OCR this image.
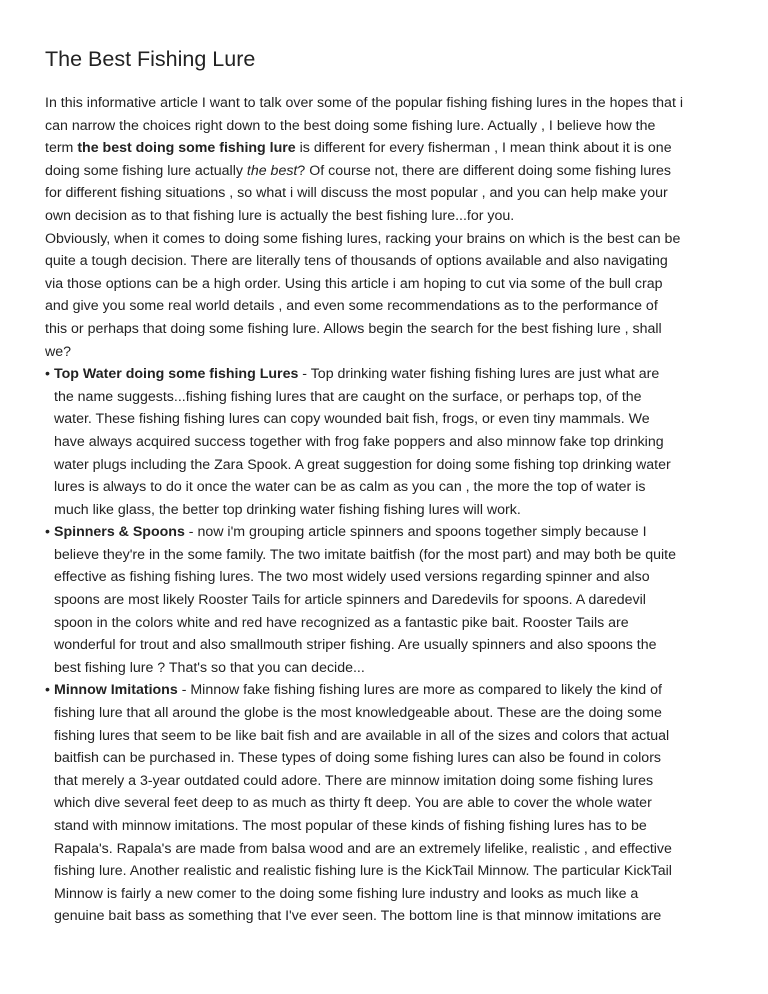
The Best Fishing Lure
In this informative article I want to talk over some of the popular fishing fishing lures in the hopes that i
can narrow the choices right down to the best doing some fishing lure. Actually , I believe how the
term the best doing some fishing lure is different for every fisherman , I mean think about it is one
doing some fishing lure actually the best? Of course not, there are different doing some fishing lures
for different fishing situations , so what i will discuss the most popular , and you can help make your
own decision as to that fishing lure is actually the best fishing lure...for you.
Obviously, when it comes to doing some fishing lures, racking your brains on which is the best can be
quite a tough decision. There are literally tens of thousands of options available and also navigating
via those options can be a high order. Using this article i am hoping to cut via some of the bull crap
and give you some real world details , and even some recommendations as to the performance of
this or perhaps that doing some fishing lure. Allows begin the search for the best fishing lure , shall
we?
• Top Water doing some fishing Lures - Top drinking water fishing fishing lures are just what are
the name suggests...fishing fishing lures that are caught on the surface, or perhaps top, of the
water. These fishing fishing lures can copy wounded bait fish, frogs, or even tiny mammals. We
have always acquired success together with frog fake poppers and also minnow fake top drinking
water plugs including the Zara Spook. A great suggestion for doing some fishing top drinking water
lures is always to do it once the water can be as calm as you can , the more the top of water is
much like glass, the better top drinking water fishing fishing lures will work.
• Spinners & Spoons - now i'm grouping article spinners and spoons together simply because I
believe they're in the some family. The two imitate baitfish (for the most part) and may both be quite
effective as fishing fishing lures. The two most widely used versions regarding spinner and also
spoons are most likely Rooster Tails for article spinners and Daredevils for spoons. A daredevil
spoon in the colors white and red have recognized as a fantastic pike bait. Rooster Tails are
wonderful for trout and also smallmouth striper fishing. Are usually spinners and also spoons the
best fishing lure ? That's so that you can decide...
• Minnow Imitations - Minnow fake fishing fishing lures are more as compared to likely the kind of
fishing lure that all around the globe is the most knowledgeable about. These are the doing some
fishing lures that seem to be like bait fish and are available in all of the sizes and colors that actual
baitfish can be purchased in. These types of doing some fishing lures can also be found in colors
that merely a 3-year outdated could adore. There are minnow imitation doing some fishing lures
which dive several feet deep to as much as thirty ft deep. You are able to cover the whole water
stand with minnow imitations. The most popular of these kinds of fishing fishing lures has to be
Rapala's. Rapala's are made from balsa wood and are an extremely lifelike, realistic , and effective
fishing lure. Another realistic and realistic fishing lure is the KickTail Minnow. The particular KickTail
Minnow is fairly a new comer to the doing some fishing lure industry and looks as much like a
genuine bait bass as something that I've ever seen. The bottom line is that minnow imitations are
